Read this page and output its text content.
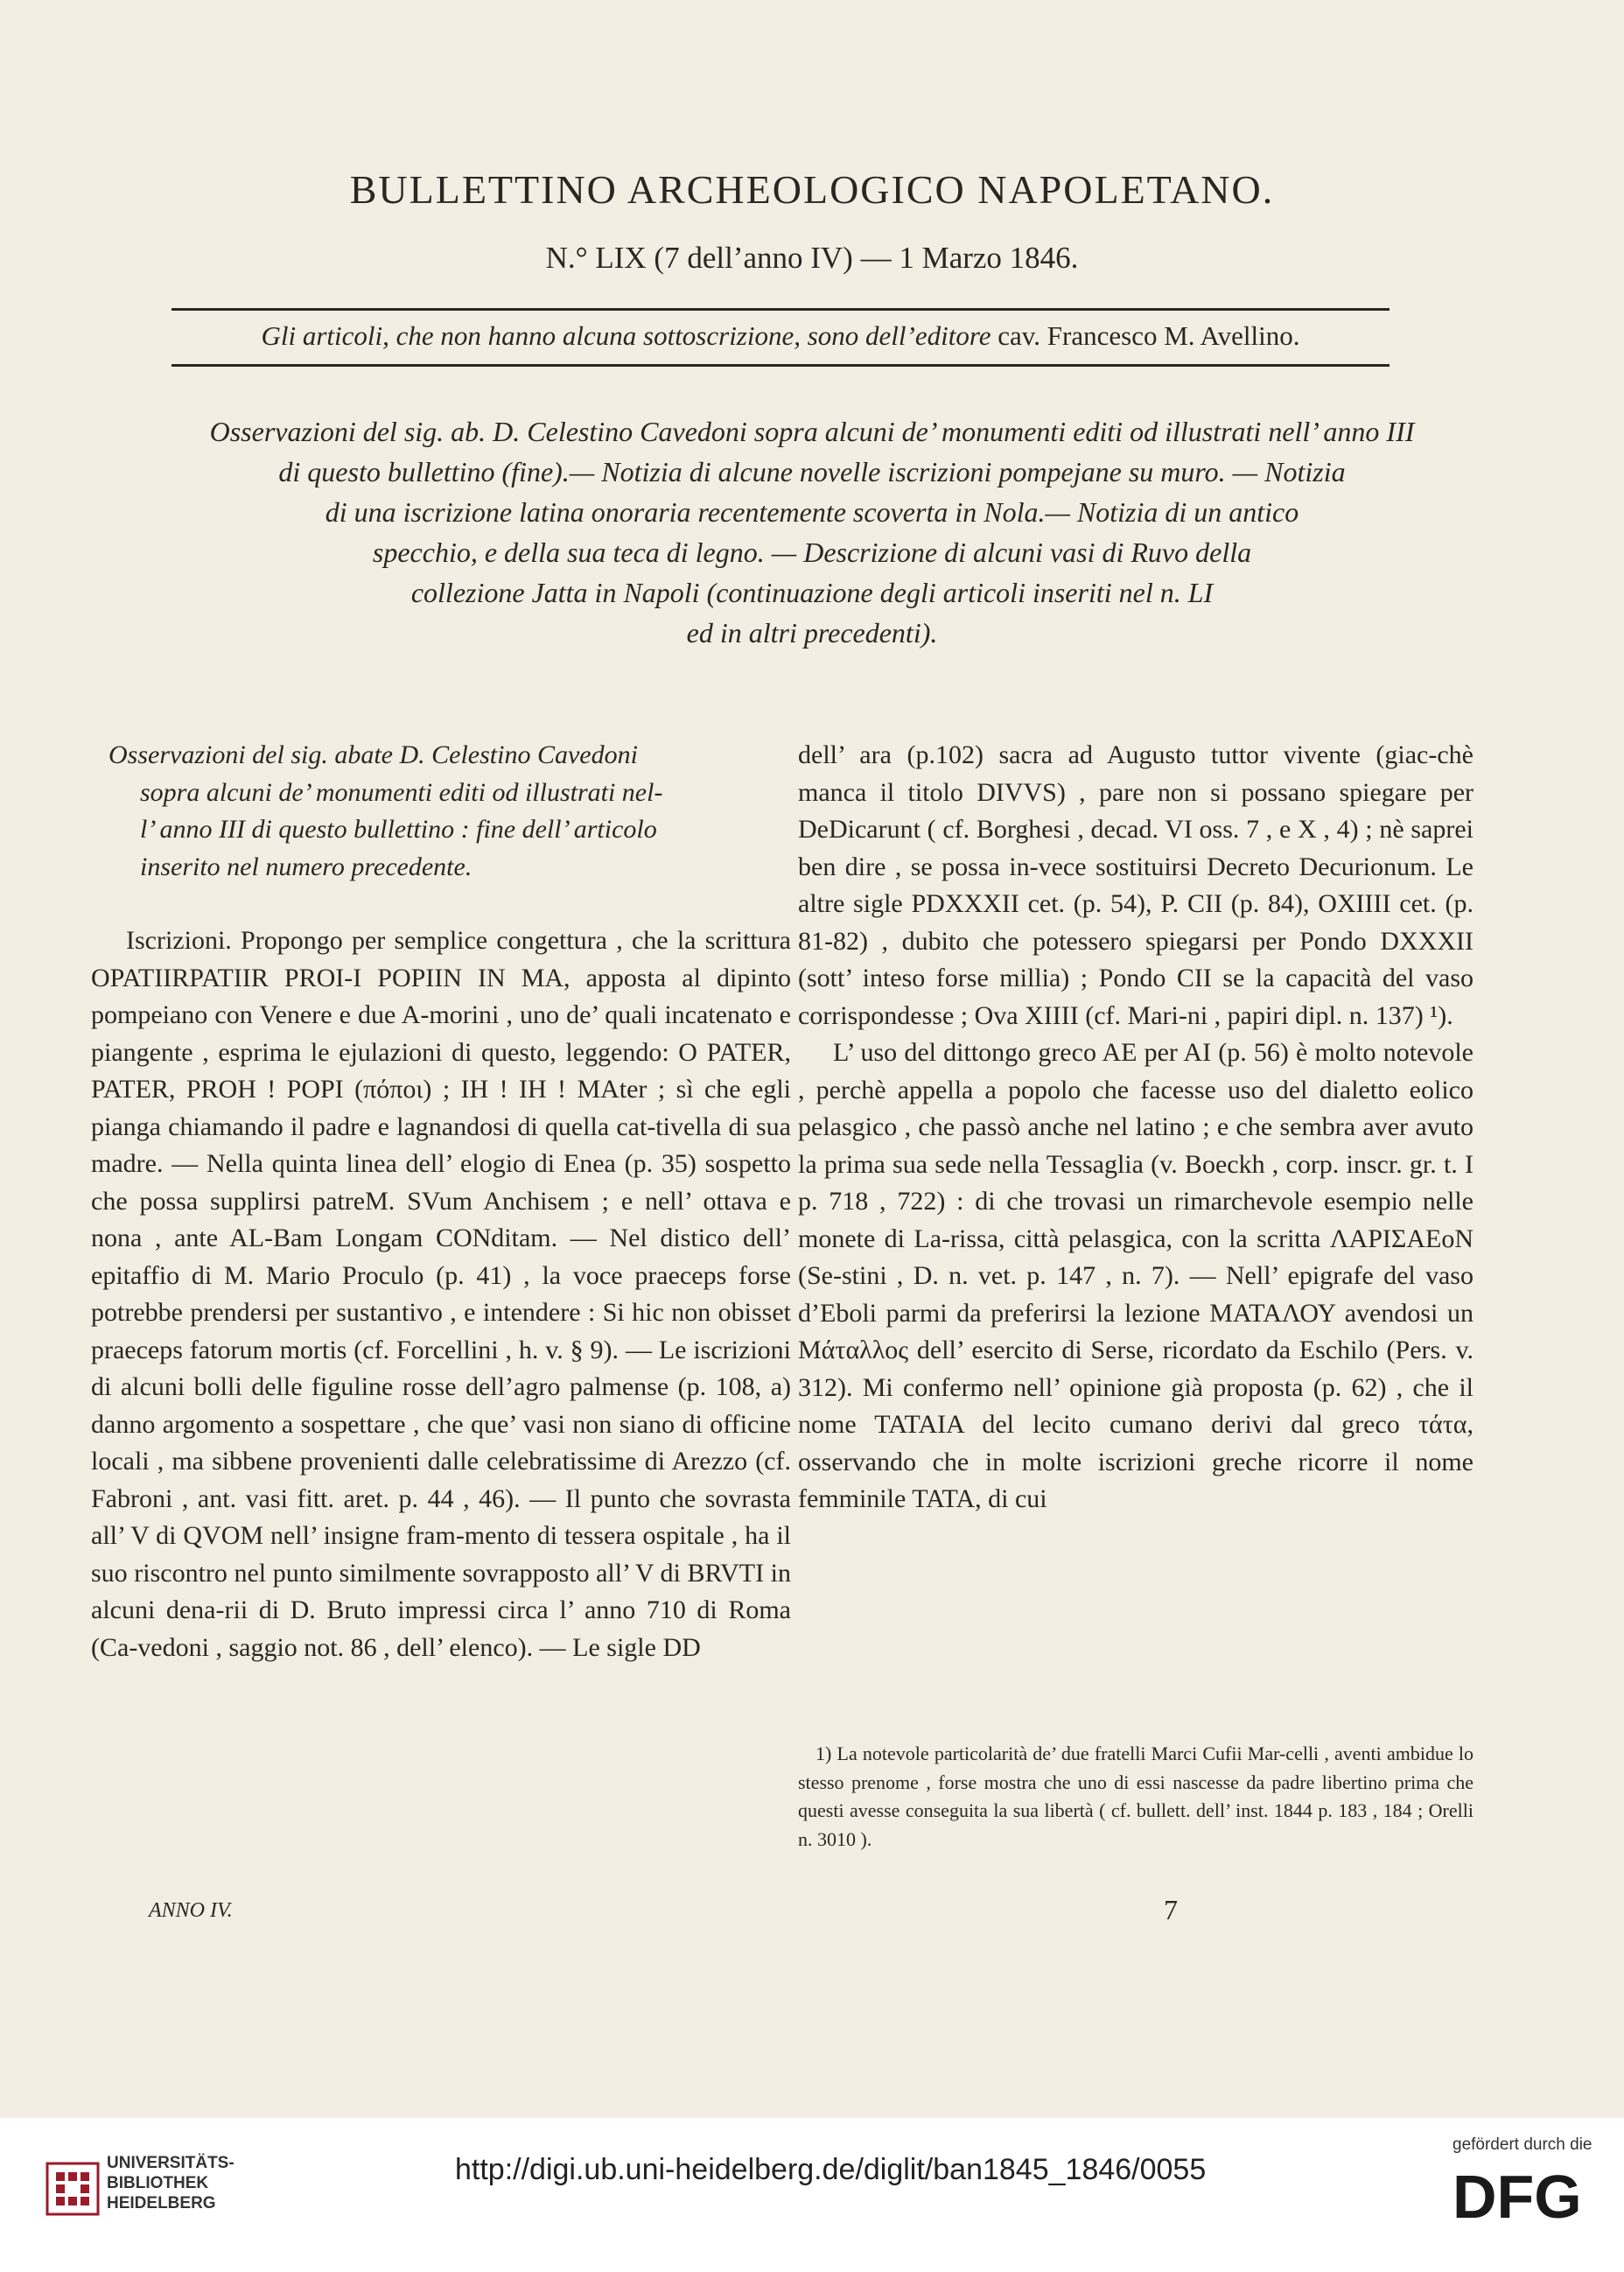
BULLETTINO ARCHEOLOGICO NAPOLETANO.
N.° LIX (7 dell’anno IV) — 1 Marzo 1846.
Gli articoli, che non hanno alcuna sottoscrizione, sono dell’editore cav. Francesco M. Avellino.

Osservazioni del sig. ab. D. Celestino Cavedoni sopra alcuni de’ monumenti editi od illustrati nell’ anno III

di questo bullettino (fine).— Notizia di alcune novelle iscrizioni pompejane su muro. — Notizia

di una iscrizione latina onoraria recentemente scoverta in Nola.— Notizia di un antico

specchio, e della sua teca di legno. — Descrizione di alcuni vasi di Ruvo della

collezione Jatta in Napoli (continuazione degli articoli inseriti nel n. LI

ed in altri precedenti).

Osservazioni del sig. abate D. Celestino Cavedoni

sopra alcuni de’ monumenti editi od illustrati nel-

l’ anno III di questo bullettino : fine dell’ articolo

inserito nel numero precedente.

Iscrizioni. Propongo per semplice congettura , che la scrittura OPATIIRPATIIR PROI-I POPIIN IN MA, apposta al dipinto pompeiano con Venere e due A-morini , uno de’ quali incatenato e piangente , esprima le ejulazioni di questo, leggendo: O PATER, PATER, PROH ! POPI (πόποι) ; IH ! IH ! MAter ; sì che egli pianga chiamando il padre e lagnandosi di quella cat-tivella di sua madre. — Nella quinta linea dell’ elogio di Enea (p. 35) sospetto che possa supplirsi patreM. SVum Anchisem ; e nell’ ottava e nona , ante AL-Bam Longam CONditam. — Nel distico dell’ epitaffio di M. Mario Proculo (p. 41) , la voce praeceps forse potrebbe prendersi per sustantivo , e intendere : Si hic non obisset praeceps fatorum mortis (cf. Forcellini , h. v. § 9). — Le iscrizioni di alcuni bolli delle figuline rosse dell’agro palmense (p. 108, a) danno argomento a sospettare , che que’ vasi non siano di officine locali , ma sibbene provenienti dalle celebratissime di Arezzo (cf. Fabroni , ant. vasi fitt. aret. p. 44 , 46). — Il punto che sovrasta all’ V di QVOM nell’ insigne fram-mento di tessera ospitale , ha il suo riscontro nel punto similmente sovrapposto all’ V di BRVTI in alcuni dena-rii di D. Bruto impressi circa l’ anno 710 di Roma (Ca-vedoni , saggio not. 86 , dell’ elenco). — Le sigle DD

dell’ ara (p.102) sacra ad Augusto tuttor vivente (giac-chè manca il titolo DIVVS) , pare non si possano spiegare per DeDicarunt ( cf. Borghesi , decad. VI oss. 7 , e X , 4) ; nè saprei ben dire , se possa in-vece sostituirsi Decreto Decurionum. Le altre sigle PDXXXII cet. (p. 54), P. CII (p. 84), OXIIII cet. (p. 81-82) , dubito che potessero spiegarsi per Pondo DXXXII (sott’ inteso forse millia) ; Pondo CII se la capacità del vaso corrispondesse ; Ova XIIII (cf. Mari-ni , papiri dipl. n. 137) ¹).

L’ uso del dittongo greco AE per AI (p. 56) è molto notevole , perchè appella a popolo che facesse uso del dialetto eolico pelasgico , che passò anche nel latino ; e che sembra aver avuto la prima sua sede nella Tessaglia (v. Boeckh , corp. inscr. gr. t. I p. 718 , 722) : di che trovasi un rimarchevole esempio nelle monete di La-rissa, città pelasgica, con la scritta ΛΑΡΙΣΑΕοΝ (Se-stini , D. n. vet. p. 147 , n. 7). — Nell’ epigrafe del vaso d’Eboli parmi da preferirsi la lezione ΜΑΤΑΛΟΥ avendosi un Μάταλλος dell’ esercito di Serse, ricordato da Eschilo (Pers. v. 312). Mi confermo nell’ opinione già proposta (p. 62) , che il nome TATAIA del lecito cumano derivi dal greco τάτα, osservando che in molte iscrizioni greche ricorre il nome femminile TATA, di cui

1) La notevole particolarità de’ due fratelli Marci Cufii Mar-celli , aventi ambidue lo stesso prenome , forse mostra che uno di essi nascesse da padre libertino prima che questi avesse conseguita la sua libertà ( cf. bullett. dell’ inst. 1844 p. 183 , 184 ; Orelli n. 3010 ).

ANNO IV.	7
UNIVERSITÄTS-
BIBLIOTHEK
HEIDELBERG
http://digi.ub.uni-heidelberg.de/diglit/ban1845_1846/0055
gefördert durch die
DFG
